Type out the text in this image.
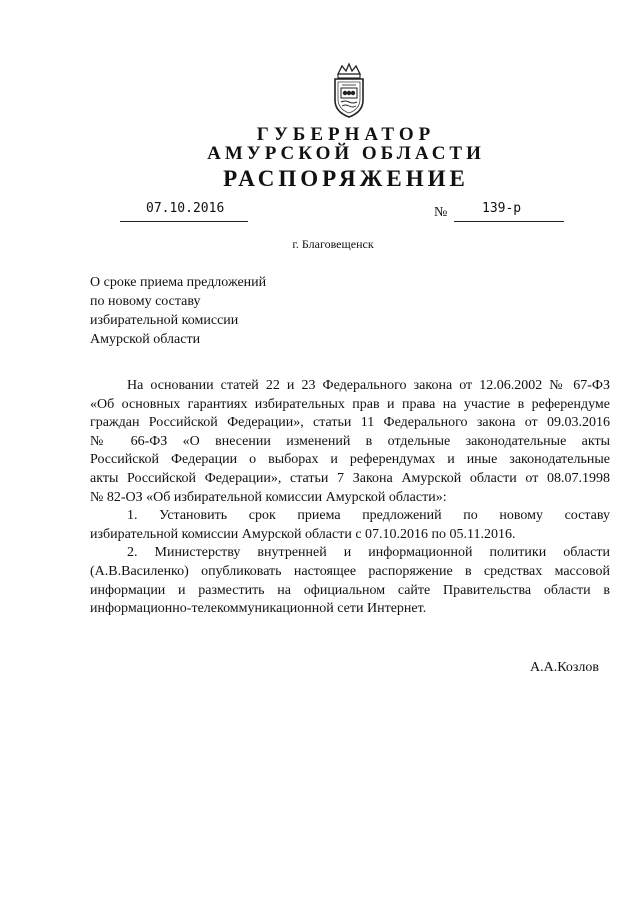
ГУБЕРНАТОР
АМУРСКОЙ ОБЛАСТИ
РАСПОРЯЖЕНИЕ
07.10.2016	№	139-р
г. Благовещенск
О сроке приема предложений
по новому составу
избирательной комиссии
Амурской области
На основании статей 22 и 23 Федерального закона от 12.06.2002 № 67-ФЗ
«Об основных гарантиях избирательных прав и права на участие в референдуме
граждан Российской Федерации», статьи 11 Федерального закона от 09.03.2016
№ 66-ФЗ «О внесении изменений в отдельные законодательные акты
Российской Федерации о выборах и референдумах и иные законодательные
акты Российской Федерации», статьи 7 Закона Амурской области от 08.07.1998
№ 82-ОЗ «Об избирательной комиссии Амурской области»:
1. Установить срок приема предложений по новому составу
избирательной комиссии Амурской области с 07.10.2016 по 05.11.2016.
2. Министерству внутренней и информационной политики области
(А.В.Василенко) опубликовать настоящее распоряжение в средствах массовой
информации и разместить на официальном сайте Правительства области в
информационно-телекоммуникационной сети Интернет.
А.А.Козлов
